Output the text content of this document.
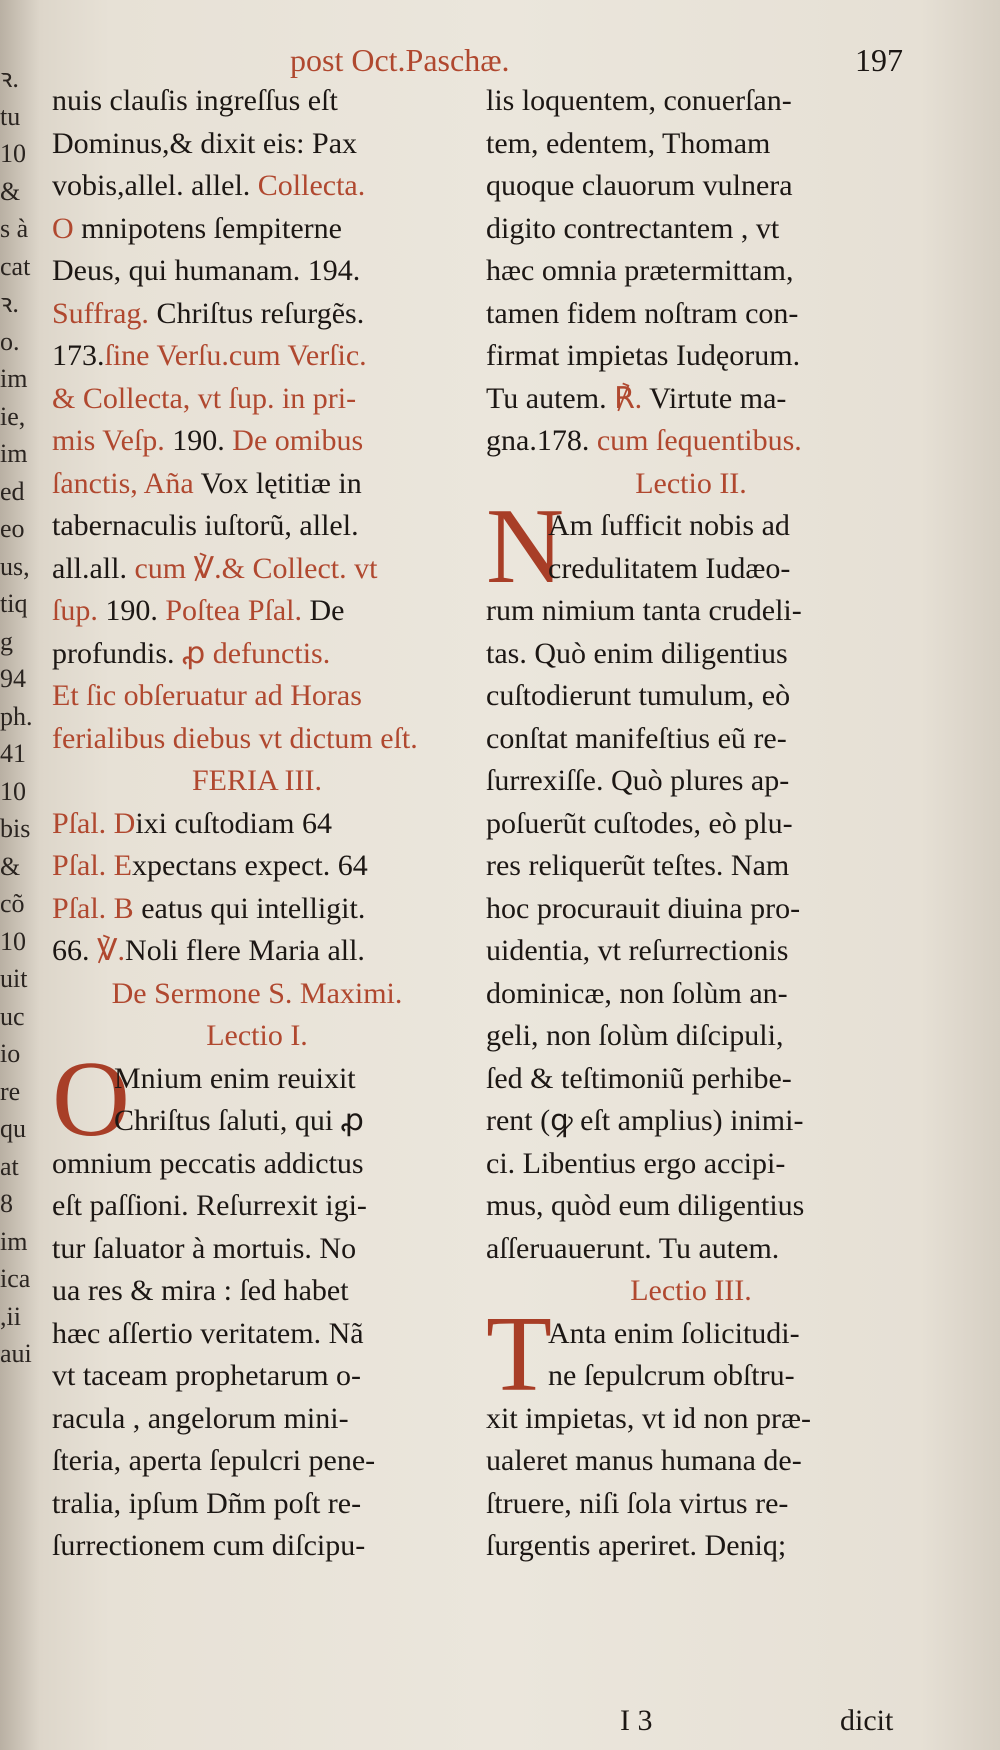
ꝛ.
tu
10
&
s à
cat
ꝛ.
o.
im
ie,
im
ed
eo
us,
tiq
g
94
ph.
41
10
bis
&
cõ
10
uit
uc
io
re
qu
at
8
im
ica
,ii
aui
post Oct.Paschæ.	197
nuis clauſis ingreſſus eſt
Dominus,& dixit eis: Pax
vobis,allel. allel. Collecta.
O mnipotens ſempiterne
Deus, qui humanam. 194.
Suffrag. Chriſtus reſurgẽs.
173.ſine Verſu.cum Verſic.
& Collecta, vt ſup. in pri-
mis Veſp. 190. De omibus
ſanctis, Aña Vox lętitiæ in
tabernaculis iuſtorũ, allel.
all.all. cum ℣.& Collect. vt
ſup. 190. Poſtea Pſal. De
profundis. ꝓ defunctis.
Et ſic obſeruatur ad Horas
ferialibus diebus vt dictum eſt.
FERIA III.
Pſal. Dixi cuſtodiam 64
Pſal. Expectans expect. 64
Pſal. B eatus qui intelligit.
66. ℣.Noli flere Maria all.
De Sermone S. Maximi.
Lectio I.
O
Mnium enim reuixit
Chriſtus ſaluti, qui ꝓ
omnium peccatis addictus
eſt paſſioni. Reſurrexit igi-
tur ſaluator à mortuis. No
ua res & mira : ſed habet
hæc aſſertio veritatem. Nã
vt taceam prophetarum o-
racula , angelorum mini-
ſteria, aperta ſepulcri pene-
tralia, ipſum Dñm poſt re-
ſurrectionem cum diſcipu-
lis loquentem, conuerſan-
tem, edentem, Thomam
quoque clauorum vulnera
digito contrectantem , vt
hæc omnia prætermittam,
tamen fidem noſtram con-
firmat impietas Iudęorum.
Tu autem. ℟. Virtute ma-
gna.178. cum ſequentibus.
Lectio II.
N
Am ſufficit nobis ad
credulitatem Iudæo-
rum nimium tanta crudeli-
tas. Quò enim diligentius
cuſtodierunt tumulum, eò
conſtat manifeſtius eũ re-
ſurrexiſſe. Quò plures ap-
poſuerũt cuſtodes, eò plu-
res reliquerũt teſtes. Nam
hoc procurauit diuina pro-
uidentia, vt reſurrectionis
dominicæ, non ſolùm an-
geli, non ſolùm diſcipuli,
ſed & teſtimoniũ perhibe-
rent (ꝙ eſt amplius) inimi-
ci. Libentius ergo accipi-
mus, quòd eum diligentius
aſſeruauerunt. Tu autem.
Lectio III.
T
Anta enim ſolicitudi-
ne ſepulcrum obſtru-
xit impietas, vt id non præ-
ualeret manus humana de-
ſtruere, niſi ſola virtus re-
ſurgentis aperiret. Deniq;
I 3	dicit
